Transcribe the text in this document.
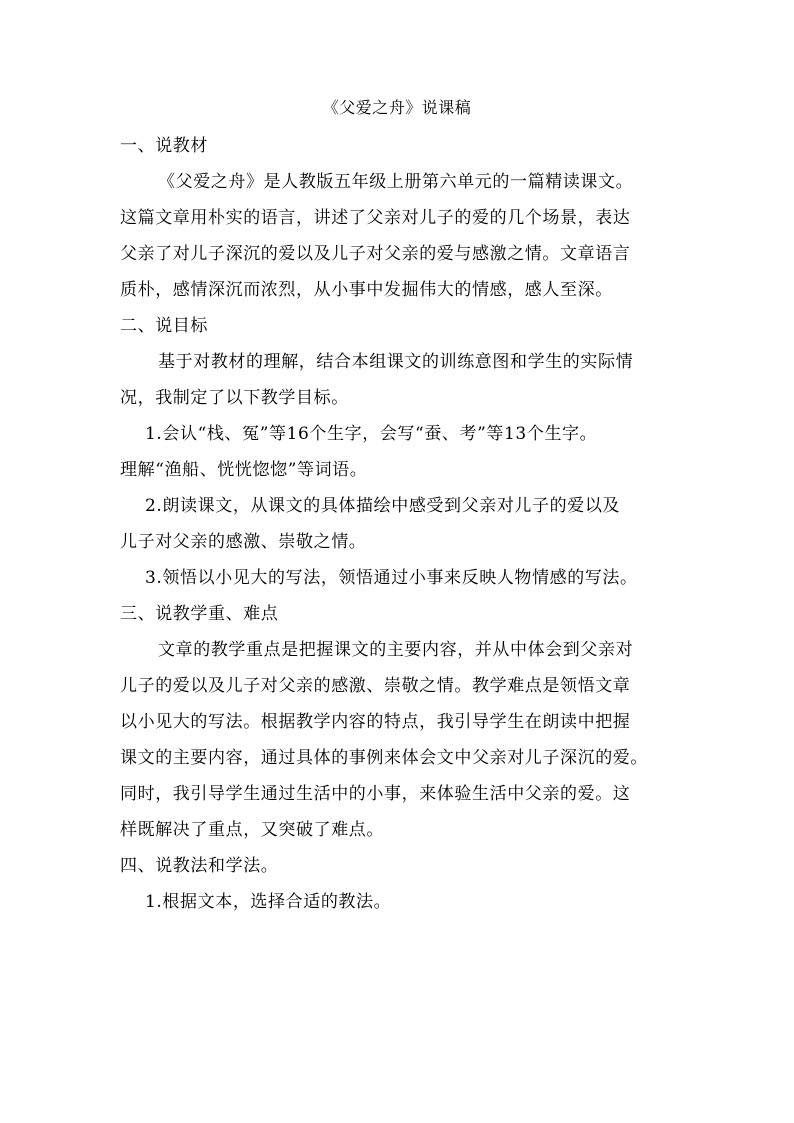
《父爱之舟》说课稿
一、说教材
《父爱之舟》是人教版五年级上册第六单元的一篇精读课文。
这篇文章用朴实的语言，讲述了父亲对儿子的爱的几个场景，表达
父亲了对儿子深沉的爱以及儿子对父亲的爱与感激之情。文章语言
质朴，感情深沉而浓烈，从小事中发掘伟大的情感，感人至深。
二、说目标
基于对教材的理解，结合本组课文的训练意图和学生的实际情
况，我制定了以下教学目标。
1.会认“栈、冤”等16个生字，会写“蚕、考”等13个生字。
理解“渔船、恍恍惚惚”等词语。
2.朗读课文，从课文的具体描绘中感受到父亲对儿子的爱以及
儿子对父亲的感激、崇敬之情。
3.领悟以小见大的写法，领悟通过小事来反映人物情感的写法。
三、说教学重、难点
文章的教学重点是把握课文的主要内容，并从中体会到父亲对
儿子的爱以及儿子对父亲的感激、崇敬之情。教学难点是领悟文章
以小见大的写法。根据教学内容的特点，我引导学生在朗读中把握
课文的主要内容，通过具体的事例来体会文中父亲对儿子深沉的爱。
同时，我引导学生通过生活中的小事，来体验生活中父亲的爱。这
样既解决了重点，又突破了难点。
四、说教法和学法。
1.根据文本，选择合适的教法。
